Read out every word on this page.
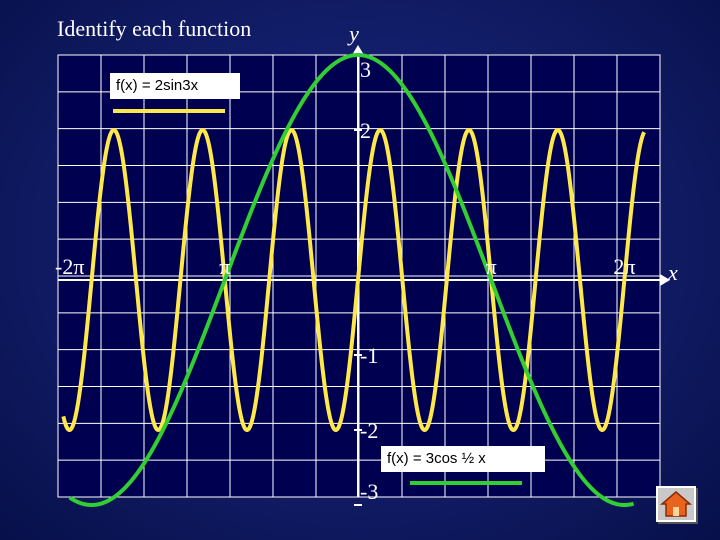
Identify each function
-2π	π	π	2π
3
2
-1
-2
-3
y
x
f(x) = 2sin3x
f(x) = 3cos ½ x
